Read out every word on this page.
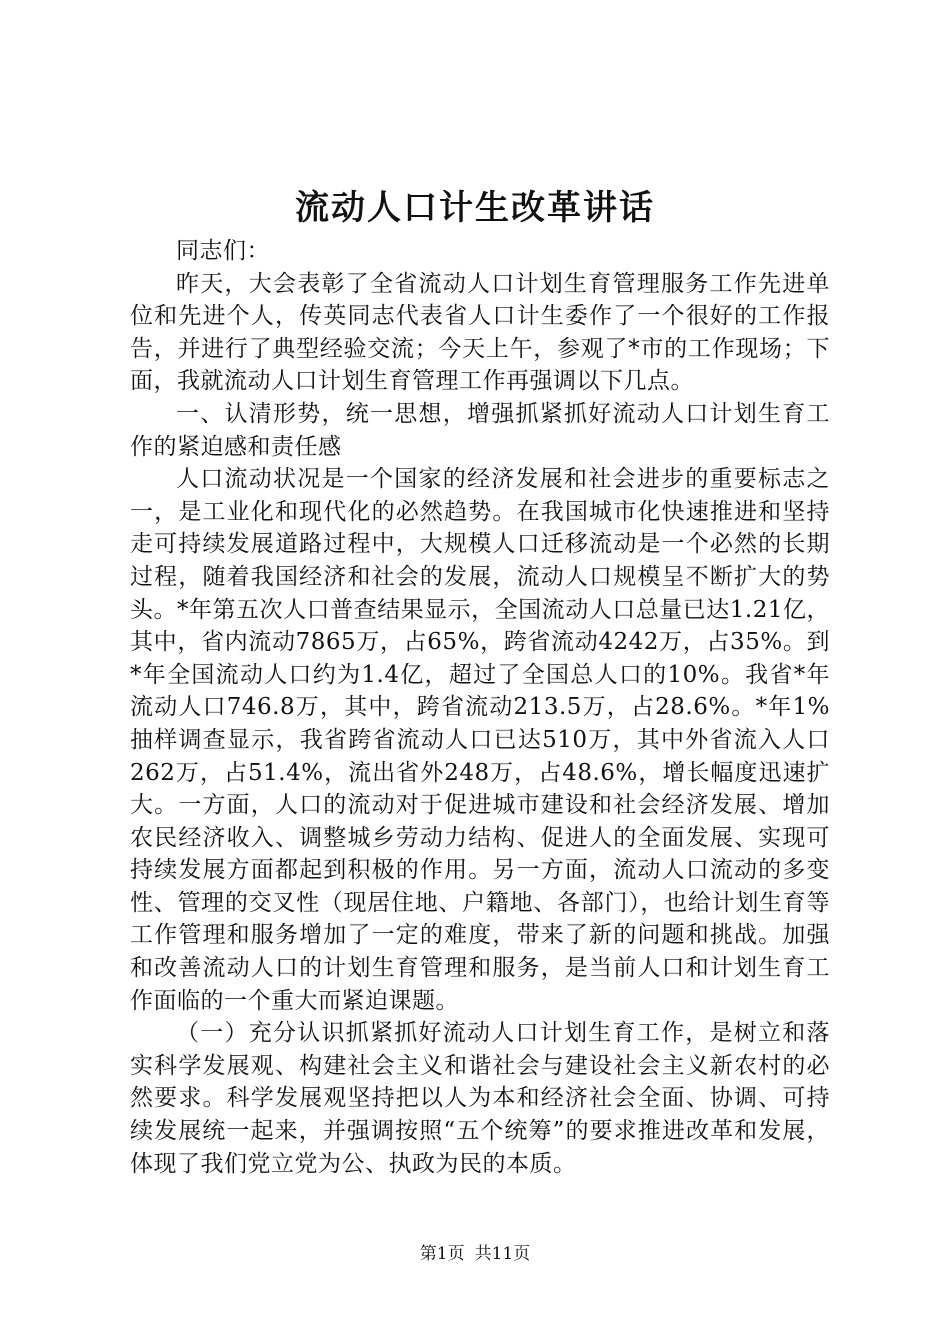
流动人口计生改革讲话

同志们：

昨天，大会表彰了全省流动人口计划生育管理服务工作先进单位和先进个人，传英同志代表省人口计生委作了一个很好的工作报告，并进行了典型经验交流；今天上午，参观了*市的工作现场；下面，我就流动人口计划生育管理工作再强调以下几点。

一、认清形势，统一思想，增强抓紧抓好流动人口计划生育工作的紧迫感和责任感

人口流动状况是一个国家的经济发展和社会进步的重要标志之一，是工业化和现代化的必然趋势。在我国城市化快速推进和坚持走可持续发展道路过程中，大规模人口迁移流动是一个必然的长期过程，随着我国经济和社会的发展，流动人口规模呈不断扩大的势头。*年第五次人口普查结果显示，全国流动人口总量已达1.21亿，其中，省内流动7865万，占65%，跨省流动4242万，占35%。到*年全国流动人口约为1.4亿，超过了全国总人口的10%。我省*年流动人口746.8万，其中，跨省流动213.5万，占28.6%。*年1%抽样调查显示，我省跨省流动人口已达510万，其中外省流入人口262万，占51.4%，流出省外248万，占48.6%，增长幅度迅速扩大。一方面，人口的流动对于促进城市建设和社会经济发展、增加农民经济收入、调整城乡劳动力结构、促进人的全面发展、实现可持续发展方面都起到积极的作用。另一方面，流动人口流动的多变性、管理的交叉性（现居住地、户籍地、各部门），也给计划生育等工作管理和服务增加了一定的难度，带来了新的问题和挑战。加强和改善流动人口的计划生育管理和服务，是当前人口和计划生育工作面临的一个重大而紧迫课题。

（一）充分认识抓紧抓好流动人口计划生育工作，是树立和落实科学发展观、构建社会主义和谐社会与建设社会主义新农村的必然要求。科学发展观坚持把以人为本和经济社会全面、协调、可持续发展统一起来，并强调按照“五个统筹”的要求推进改革和发展，体现了我们党立党为公、执政为民的本质。

第1页 共11页
